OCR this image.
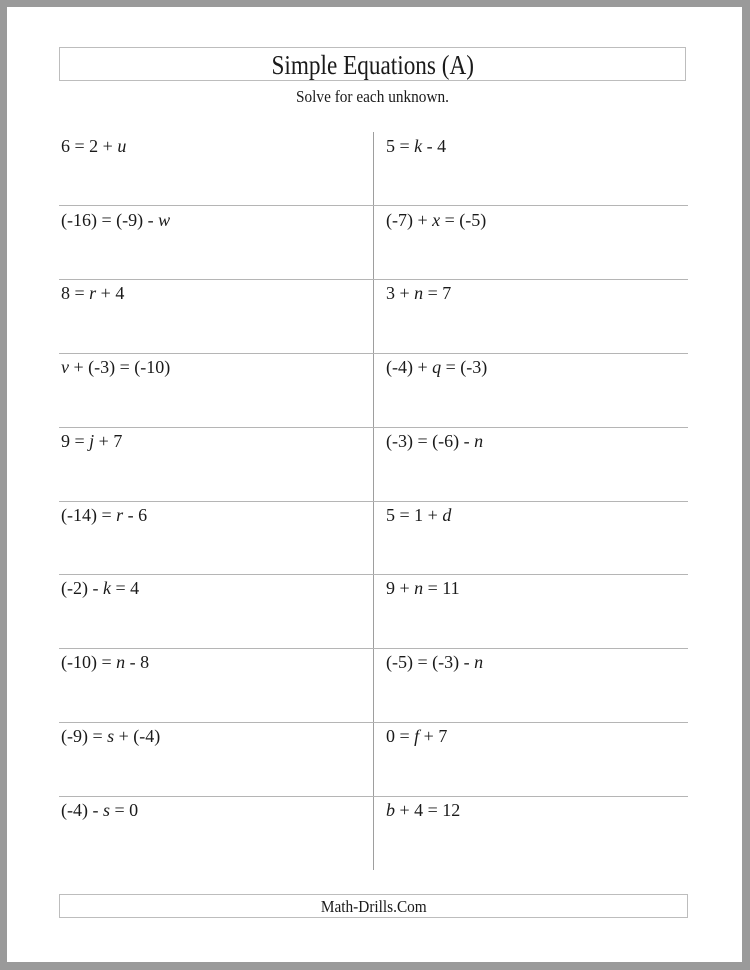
Simple Equations (A)
Solve for each unknown.
6 = 2 + u
(-16) = (-9) - w
8 = r + 4
v + (-3) = (-10)
9 = j + 7
(-14) = r - 6
(-2) - k = 4
(-10) = n - 8
(-9) = s + (-4)
(-4) - s = 0
5 = k - 4
(-7) + x = (-5)
3 + n = 7
(-4) + q = (-3)
(-3) = (-6) - n
5 = 1 + d
9 + n = 11
(-5) = (-3) - n
0 = f + 7
b + 4 = 12
Math-Drills.Com
